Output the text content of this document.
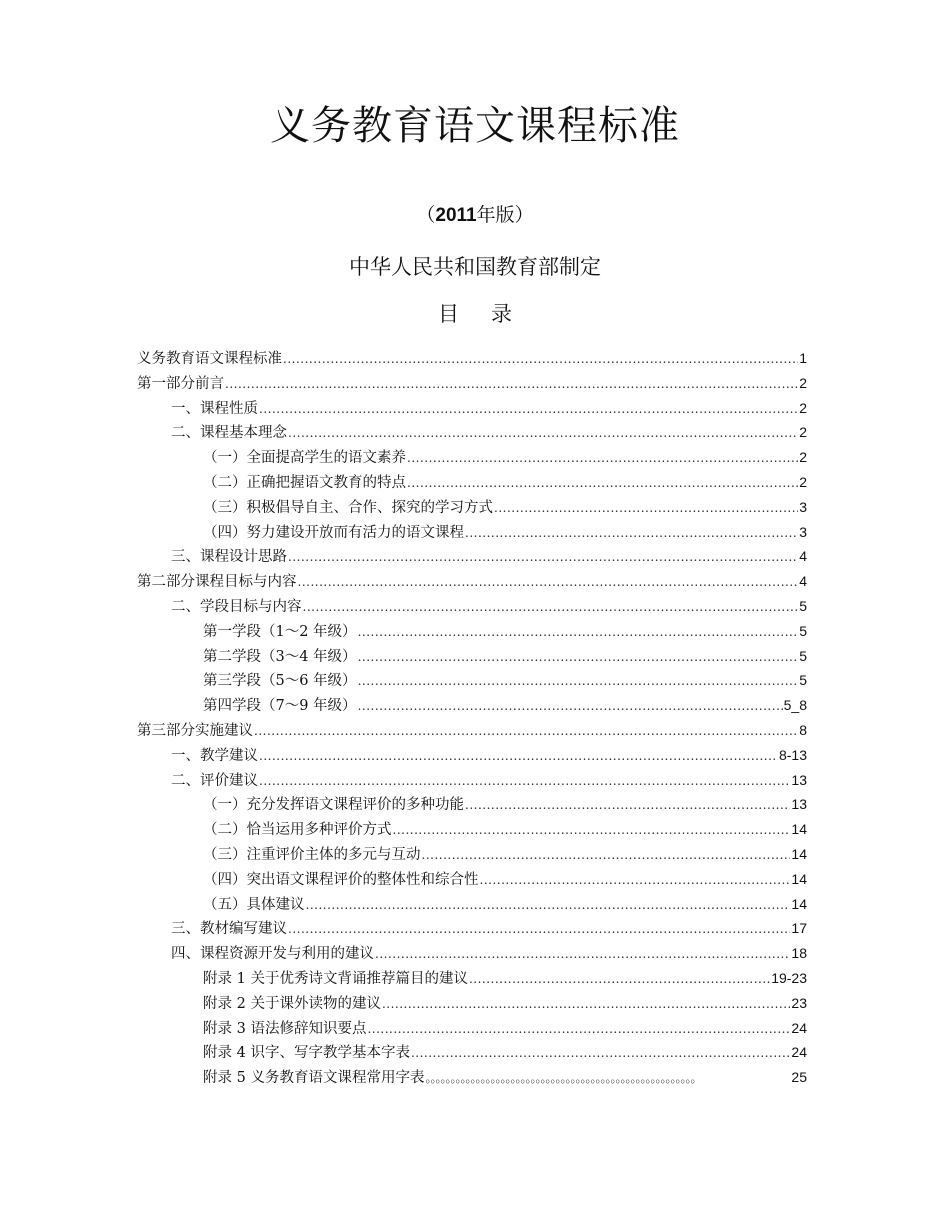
义务教育语文课程标准
（2011年版）
中华人民共和国教育部制定
目 录
义务教育语文课程标准 .....	1
第一部分前言 .....	2
一、课程性质 .....	2
二、课程基本理念 .....	2
（一）全面提高学生的语文素养 .....	2
（二）正确把握语文教育的特点 .....	2
（三）积极倡导自主、合作、探究的学习方式 .....	3
（四）努力建设开放而有活力的语文课程 .....	3
三、课程设计思路 .....	4
第二部分课程目标与内容 .....	4
二、学段目标与内容 .....	5
第一学段（1～2 年级） .....	5
第二学段（3～4 年级） .....	5
第三学段（5～6 年级） .....	5
第四学段（7～9 年级） .....	5_8
第三部分实施建议 .....	8
一、教学建议 .....	8-13
二、评价建议 .....	13
（一）充分发挥语文课程评价的多种功能 .....	13
（二）恰当运用多种评价方式 .....	14
（三）注重评价主体的多元与互动 .....	14
（四）突出语文课程评价的整体性和综合性 .....	14
（五）具体建议 .....	14
三、教材编写建议 .....	17
四、课程资源开发与利用的建议 .....	18
附录 1 关于优秀诗文背诵推荐篇目的建议 .....	19-23
附录 2 关于课外读物的建议 .....	23
附录 3 语法修辞知识要点 .....	24
附录 4 识字、写字教学基本字表 .....	24
附录 5 义务教育语文课程常用字表 。。。。。。。。。。。。。。。。。。。。。。。。。。。。。。。。。。。。。。。。。。。。。。。。。。。。。。	25
